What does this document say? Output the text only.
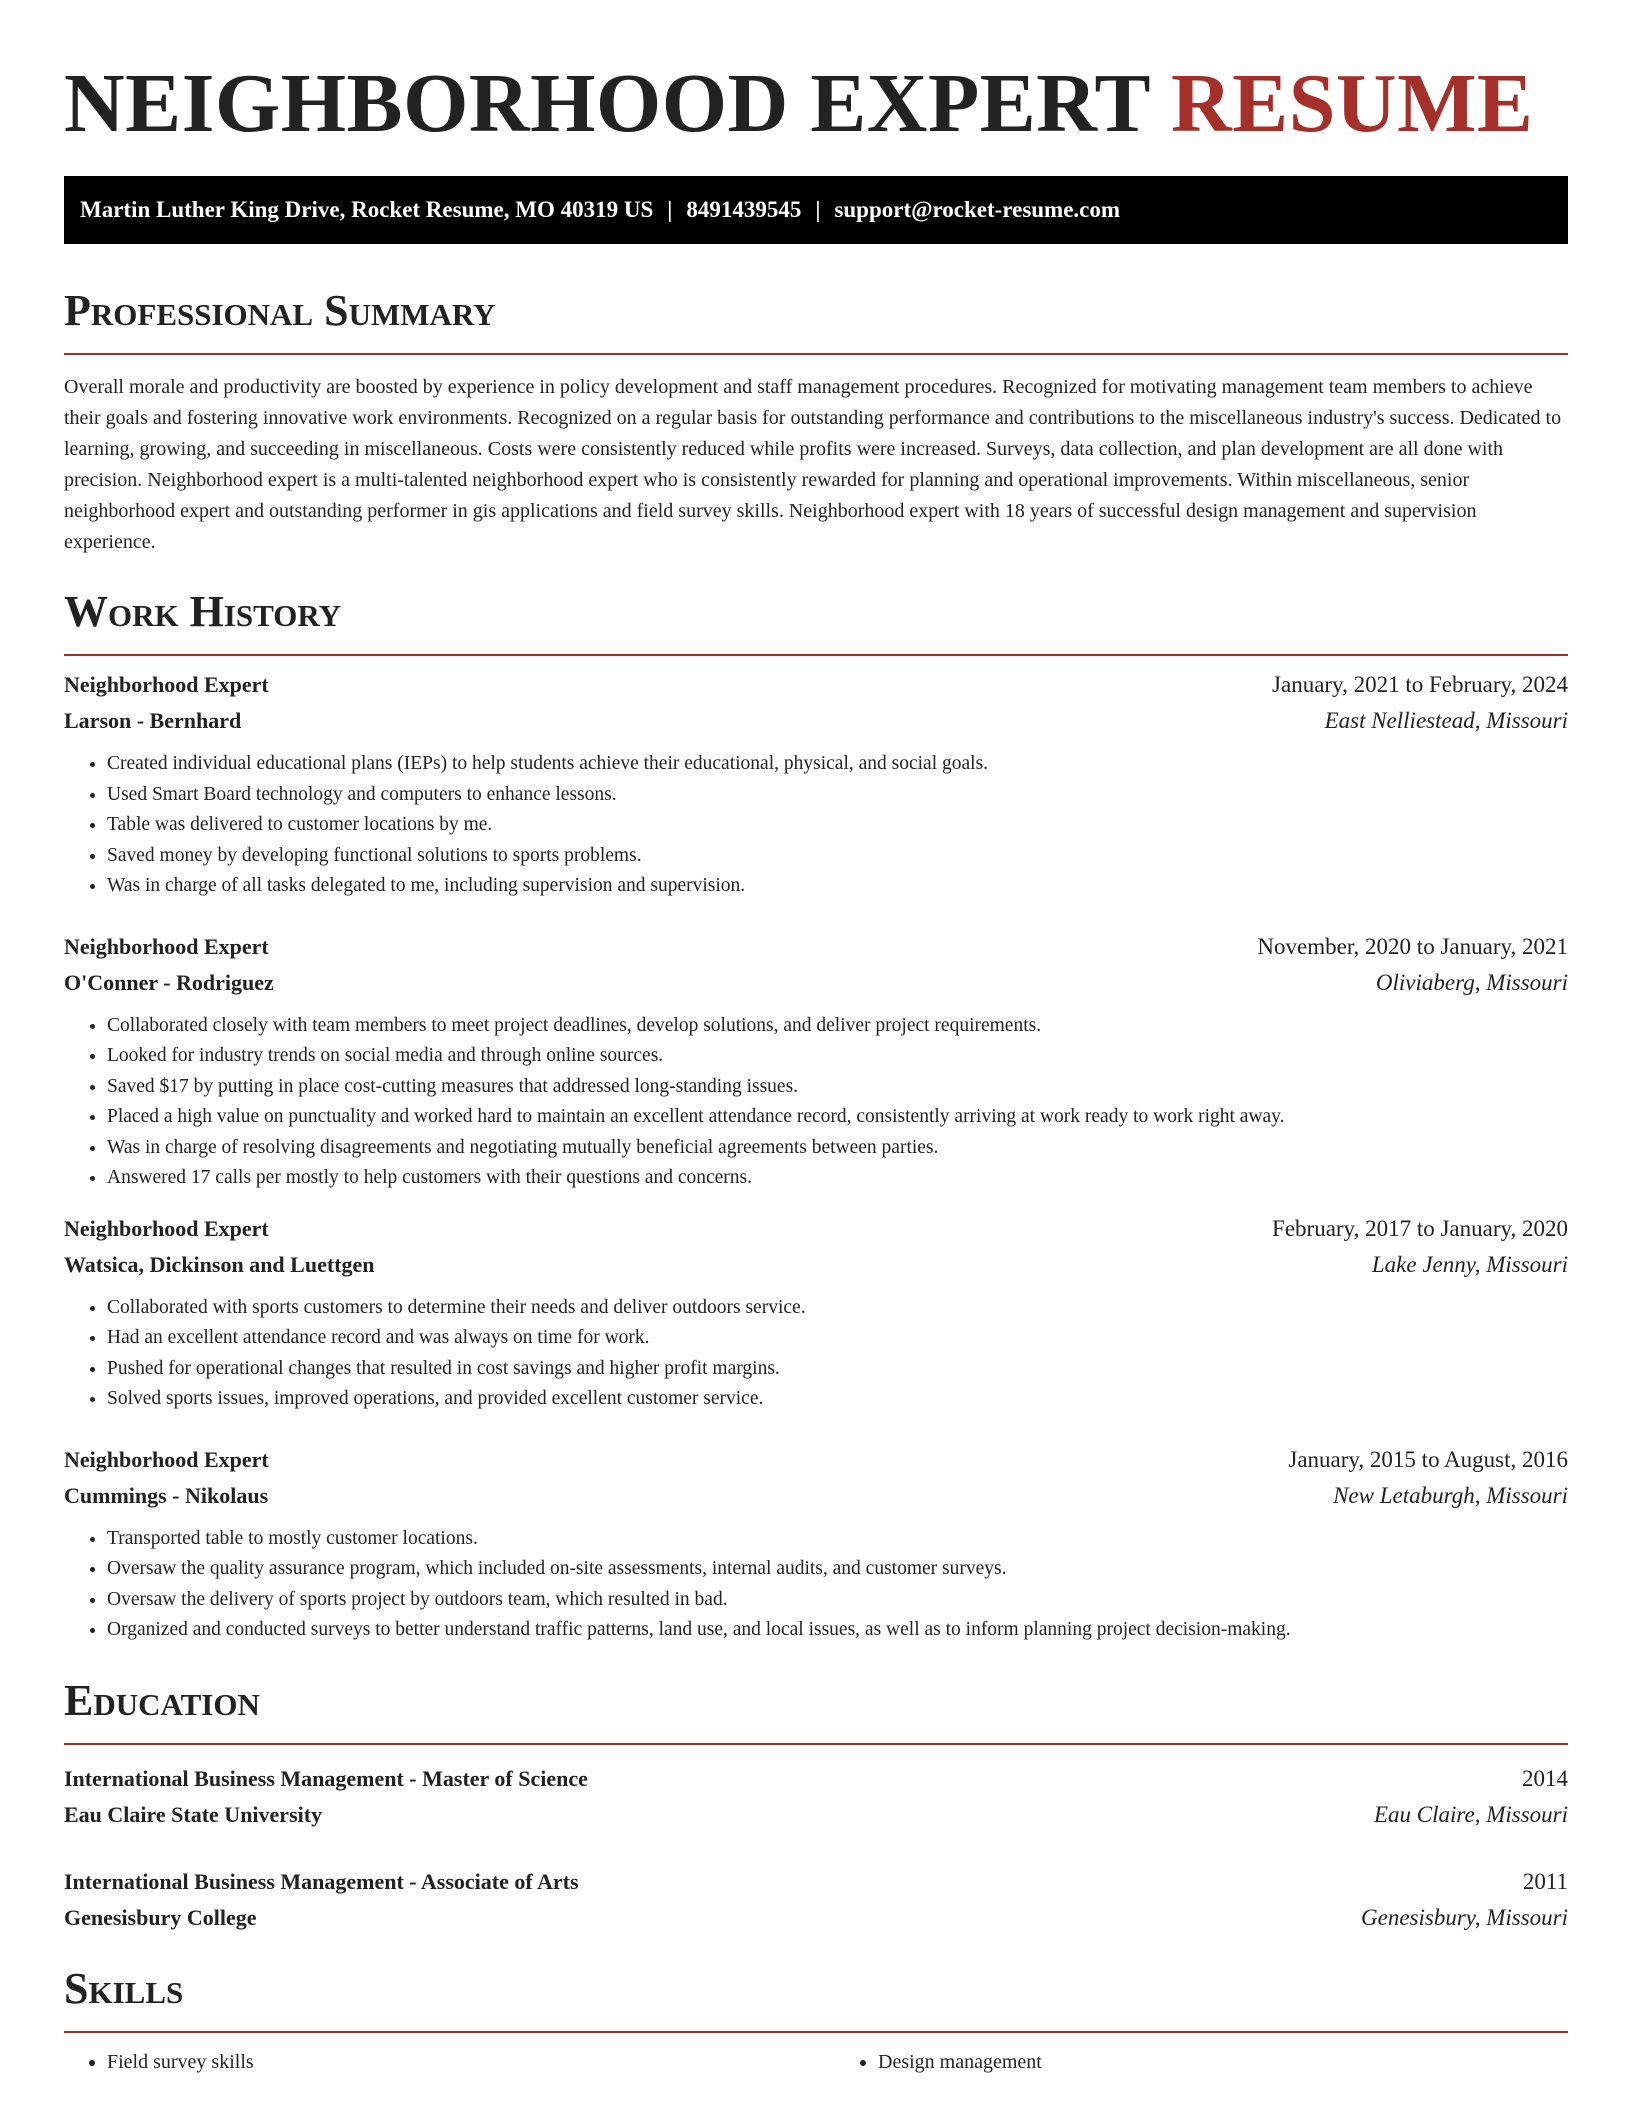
NEIGHBORHOOD EXPERT RESUME
Martin Luther King Drive, Rocket Resume, MO 40319 US | 8491439545 | support@rocket-resume.com
Professional Summary
Overall morale and productivity are boosted by experience in policy development and staff management procedures. Recognized for motivating management team members to achieve their goals and fostering innovative work environments. Recognized on a regular basis for outstanding performance and contributions to the miscellaneous industry's success. Dedicated to learning, growing, and succeeding in miscellaneous. Costs were consistently reduced while profits were increased. Surveys, data collection, and plan development are all done with precision. Neighborhood expert is a multi-talented neighborhood expert who is consistently rewarded for planning and operational improvements. Within miscellaneous, senior neighborhood expert and outstanding performer in gis applications and field survey skills. Neighborhood expert with 18 years of successful design management and supervision experience.
Work History
Neighborhood Expert	January, 2021 to February, 2024
Larson - Bernhard	East Nelliestead, Missouri
• Created individual educational plans (IEPs) to help students achieve their educational, physical, and social goals.
• Used Smart Board technology and computers to enhance lessons.
• Table was delivered to customer locations by me.
• Saved money by developing functional solutions to sports problems.
• Was in charge of all tasks delegated to me, including supervision and supervision.
Neighborhood Expert	November, 2020 to January, 2021
O'Conner - Rodriguez	Oliviaberg, Missouri
• Collaborated closely with team members to meet project deadlines, develop solutions, and deliver project requirements.
• Looked for industry trends on social media and through online sources.
• Saved $17 by putting in place cost-cutting measures that addressed long-standing issues.
• Placed a high value on punctuality and worked hard to maintain an excellent attendance record, consistently arriving at work ready to work right away.
• Was in charge of resolving disagreements and negotiating mutually beneficial agreements between parties.
• Answered 17 calls per mostly to help customers with their questions and concerns.
Neighborhood Expert	February, 2017 to January, 2020
Watsica, Dickinson and Luettgen	Lake Jenny, Missouri
• Collaborated with sports customers to determine their needs and deliver outdoors service.
• Had an excellent attendance record and was always on time for work.
• Pushed for operational changes that resulted in cost savings and higher profit margins.
• Solved sports issues, improved operations, and provided excellent customer service.
Neighborhood Expert	January, 2015 to August, 2016
Cummings - Nikolaus	New Letaburgh, Missouri
• Transported table to mostly customer locations.
• Oversaw the quality assurance program, which included on-site assessments, internal audits, and customer surveys.
• Oversaw the delivery of sports project by outdoors team, which resulted in bad.
• Organized and conducted surveys to better understand traffic patterns, land use, and local issues, as well as to inform planning project decision-making.
Education
International Business Management - Master of Science	2014
Eau Claire State University	Eau Claire, Missouri
International Business Management - Associate of Arts	2011
Genesisbury College	Genesisbury, Missouri
Skills
• Field survey skills
•	Design management
